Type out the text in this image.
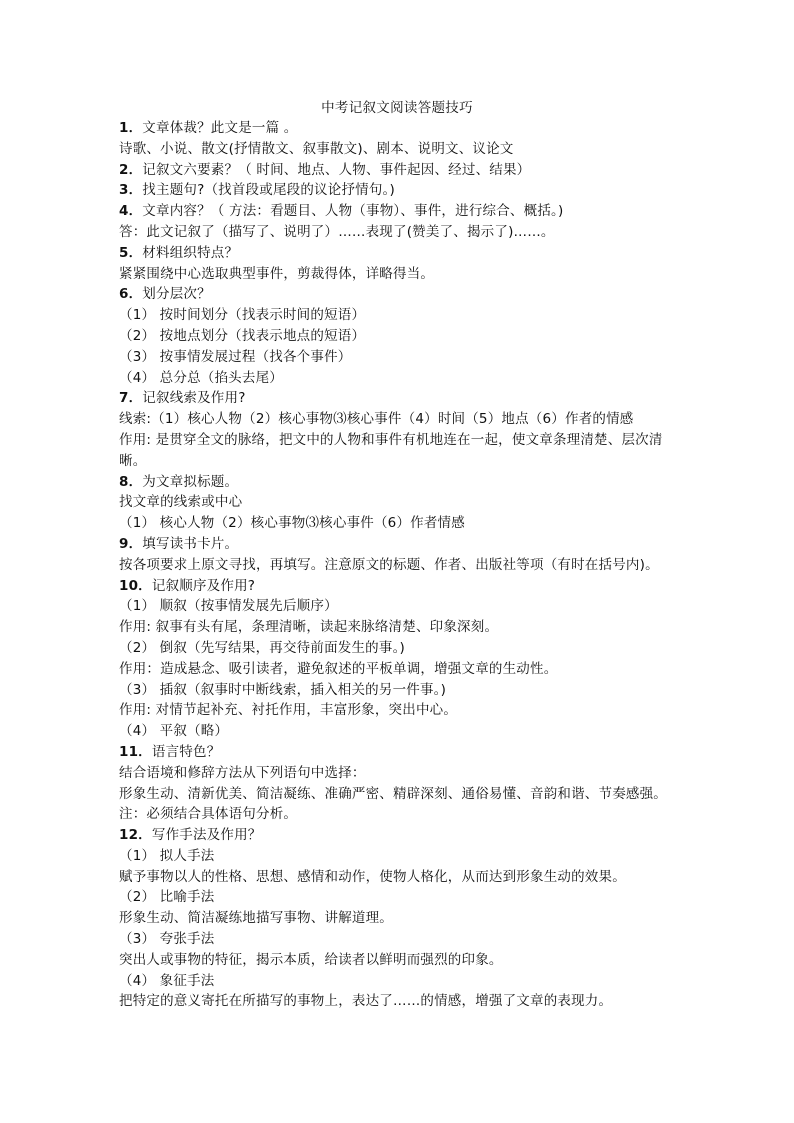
中考记叙文阅读答题技巧
1．文章体裁？此文是一篇 。
诗歌、小说、散文(抒情散文、叙事散文)、剧本、说明文、议论文
2．记叙文六要素？（ 时间、地点、人物、事件起因、经过、结果）
3．找主题句?（找首段或尾段的议论抒情句。)
4．文章内容？（ 方法：看题目、人物（事物）、事件，进行综合、概括。)
答：此文记叙了（描写了、说明了）……表现了(赞美了、揭示了)……。
5．材料组织特点？
紧紧围绕中心选取典型事件，剪裁得体，详略得当。
6．划分层次？
（1） 按时间划分（找表示时间的短语）
（2） 按地点划分（找表示地点的短语）
（3） 按事情发展过程（找各个事件）
（4） 总分总（掐头去尾）
7．记叙线索及作用?
线索:（1）核心人物（2）核心事物⑶核心事件（4）时间（5）地点（6）作者的情感
作用: 是贯穿全文的脉络，把文中的人物和事件有机地连在一起，使文章条理清楚、层次清晰。
8．为文章拟标题。
找文章的线索或中心
（1） 核心人物（2）核心事物⑶核心事件（6）作者情感
9．填写读书卡片。
按各项要求上原文寻找，再填写。注意原文的标题、作者、出版社等项（有时在括号内)。
10．记叙顺序及作用?
（1） 顺叙（按事情发展先后顺序）
作用: 叙事有头有尾，条理清晰，读起来脉络清楚、印象深刻。
（2） 倒叙（先写结果，再交待前面发生的事。)
作用：造成悬念、吸引读者，避免叙述的平板单调，增强文章的生动性。
（3） 插叙（叙事时中断线索，插入相关的另一件事。)
作用: 对情节起补充、衬托作用，丰富形象，突出中心。
（4） 平叙（略）
11．语言特色？
结合语境和修辞方法从下列语句中选择：
形象生动、清新优美、简洁凝练、准确严密、精辟深刻、通俗易懂、音韵和谐、节奏感强。
注：必须结合具体语句分析。
12．写作手法及作用？
（1） 拟人手法
赋予事物以人的性格、思想、感情和动作，使物人格化，从而达到形象生动的效果。
（2） 比喻手法
形象生动、简洁凝练地描写事物、讲解道理。
（3） 夸张手法
突出人或事物的特征，揭示本质，给读者以鲜明而强烈的印象。
（4） 象征手法
把特定的意义寄托在所描写的事物上，表达了……的情感，增强了文章的表现力。
